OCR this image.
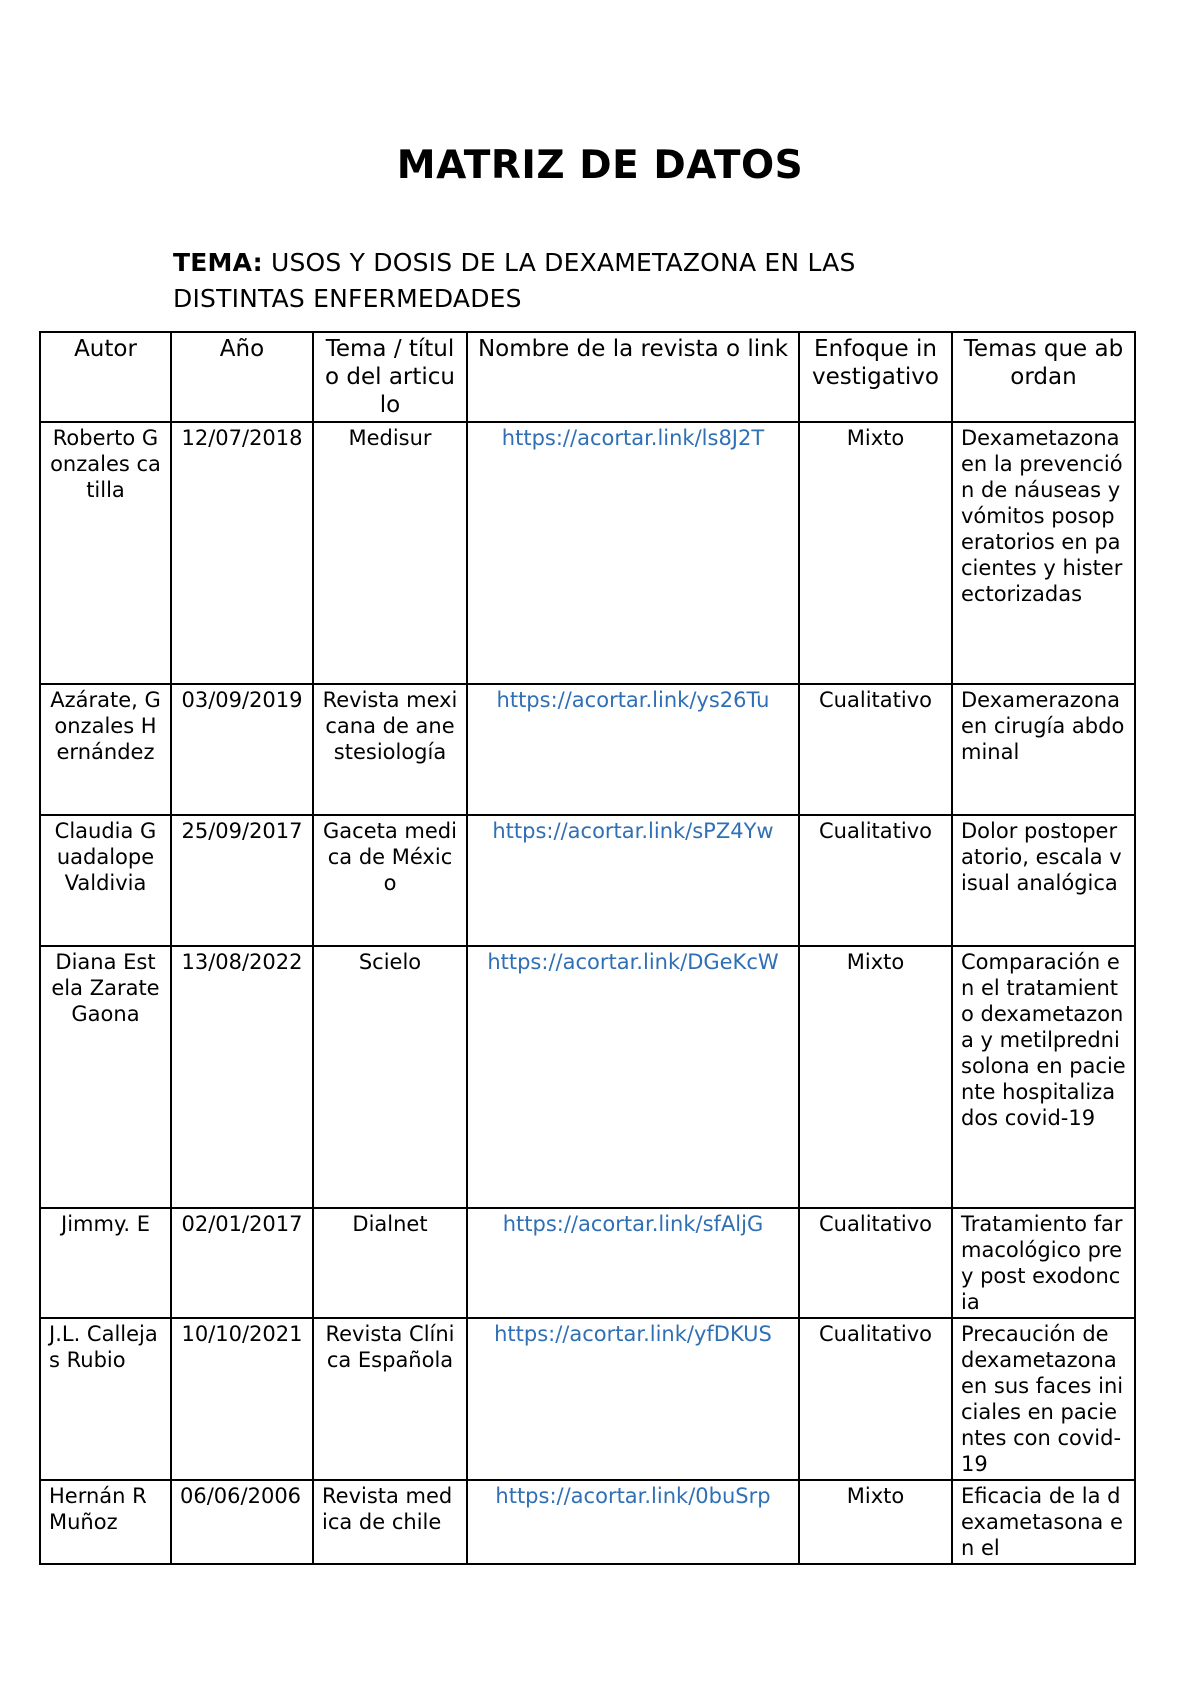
MATRIZ DE DATOS
TEMA: USOS Y DOSIS DE LA DEXAMETAZONA EN LAS DISTINTAS ENFERMEDADES
Autor	Año	Tema / título del articulo	Nombre de la revista o link	Enfoque investigativo	Temas que abordan
Roberto Gonzales catilla	12/07/2018	Medisur	https://acortar.link/ls8J2T	Mixto	Dexametazona en la prevención de náuseas y vómitos posoperatorios en pacientes y histerectorizadas
Azárate, Gonzales Hernández	03/09/2019	Revista mexicana de anestesiología	https://acortar.link/ys26Tu	Cualitativo	Dexamerazona en cirugía abdominal
Claudia Guadalope Valdivia	25/09/2017	Gaceta medica de México	https://acortar.link/sPZ4Yw	Cualitativo	Dolor postoperatorio, escala visual analógica
Diana Estela Zarate Gaona	13/08/2022	Scielo	https://acortar.link/DGeKcW	Mixto	Comparación en el tratamiento dexametazona y metilprednisolona en paciente hospitalizados covid-19
Jimmy. E	02/01/2017	Dialnet	https://acortar.link/sfAljG	Cualitativo	Tratamiento farmacológico pre y post exodoncia
J.L. Callejas Rubio	10/10/2021	Revista Clínica Española	https://acortar.link/yfDKUS	Cualitativo	Precaución de dexametazona en sus faces iniciales en pacientes con covid-19
Hernán R Muñoz	06/06/2006	Revista medica de chile	https://acortar.link/0buSrp	Mixto	Eficacia de la dexametasona en el
